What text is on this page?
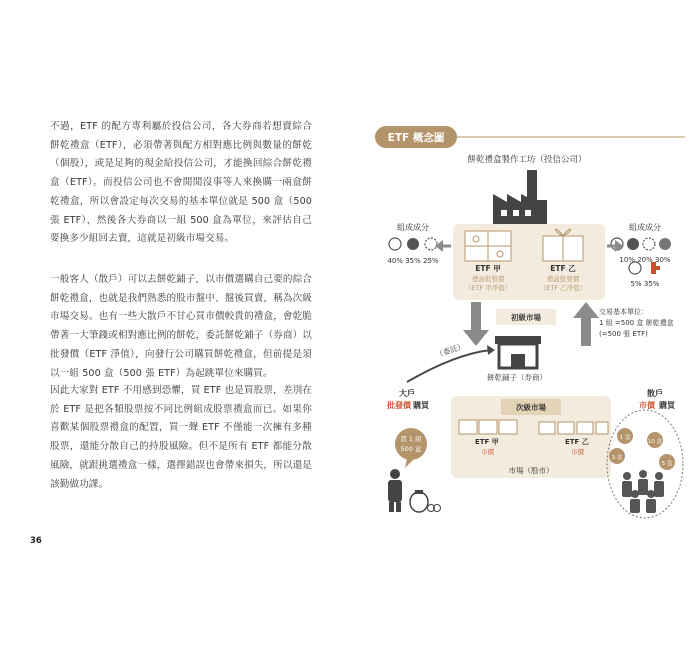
不過，ETF 的配方專利屬於投信公司，各大券商若想賣綜合餅乾禮盒（ETF），必須帶著與配方相對應比例與數量的餅乾（個股），或是足夠的現金給投信公司，才能換回綜合餅乾禮盒（ETF）。而投信公司也不會閒閒沒事等人來換購一兩盒餅乾禮盒，所以會設定每次交易的基本單位就是 500 盒（500 張 ETF），然後各大券商以一組 500 盒為單位，來評估自己要換多少組回去賣，這就是初級市場交易。

一般客人（散戶）可以去餅乾鋪子，以市價選購自己要的綜合餅乾禮盒，也就是我們熟悉的股市盤中、盤後買賣，稱為次級市場交易。也有一些大散戶不甘心買市價較貴的禮盒，會乾脆帶著一大筆錢或相對應比例的餅乾，委託餅乾鋪子（券商）以批發價（ETF 淨值），向發行公司購買餅乾禮盒，但前提是須以一組 500 盒（500 張 ETF）為起跳單位來購買。

因此大家對 ETF 不用感到恐懼，買 ETF 也是買股票，差別在於 ETF 是把各類股票按不同比例組成股票禮盒而已。如果你喜歡某個股票禮盒的配置，買一聲 ETF 不僅能一次擁有多種股票，還能分散自己的持股風險。但不是所有 ETF 都能分散風險，就跟挑選禮盒一樣，選擇錯誤也會帶來損失，所以還是該勤做功課。

36
ETF 概念圖
餅乾禮盒製作工坊（投信公司）
ETF 甲
禮盒批發價
（ETF 甲淨值）
ETF 乙
禮盒批發價
（ETF 乙淨值）
組成成分
40% 35% 25%
組成成分
10% 20% 30%
5% 35%
初級市場
交易基本單位：
1 組 =500 盒 餅乾禮盒
(=500 張 ETF)
餅乾鋪子（券商）
（委託）
大戶
批發價 購買	次級市場
ETF 甲
市價
ETF 乙
市價
市場（股市）
買 1 組
500 盒
散戶
市價 購買
1 盒
10 盒
3 盒
5 盒
